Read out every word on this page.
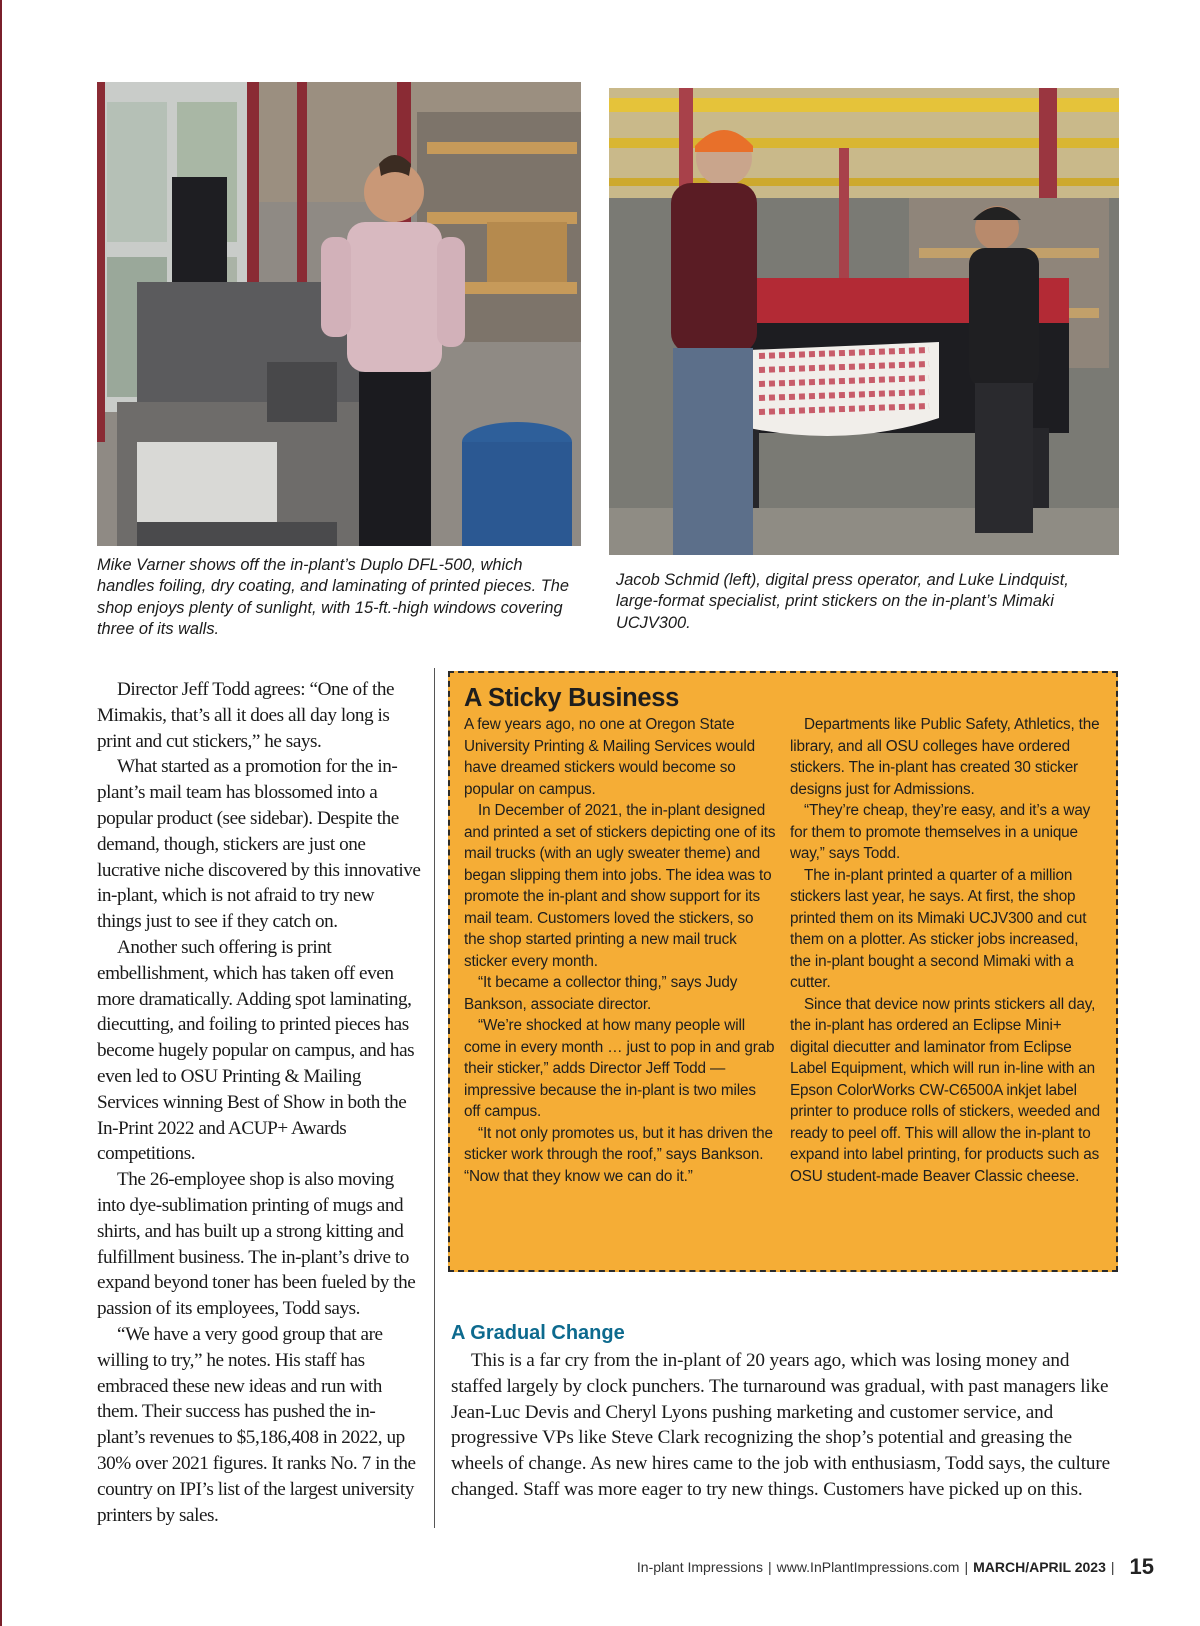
Mike Varner shows off the in-plant’s Duplo DFL-500, which handles foiling, dry coating, and laminating of printed pieces. The shop enjoys plenty of sunlight, with 15-ft.-high windows covering three of its walls.

Jacob Schmid (left), digital press operator, and Luke Lindquist, large-format specialist, print stickers on the in-plant’s Mimaki UCJV300.

Director Jeff Todd agrees: “One of the Mimakis, that’s all it does all day long is print and cut stickers,” he says.

What started as a promotion for the in-plant’s mail team has blossomed into a popular product (see sidebar). Despite the demand, though, stickers are just one lucrative niche discovered by this innovative in-plant, which is not afraid to try new things just to see if they catch on.

Another such offering is print embellishment, which has taken off even more dramatically. Adding spot laminating, diecutting, and foiling to printed pieces has become hugely popular on campus, and has even led to OSU Printing & Mailing Services winning Best of Show in both the In-Print 2022 and ACUP+ Awards competitions.

The 26-employee shop is also moving into dye-sublimation printing of mugs and shirts, and has built up a strong kitting and fulfillment business. The in-plant’s drive to expand beyond toner has been fueled by the passion of its employees, Todd says.

“We have a very good group that are willing to try,” he notes. His staff has embraced these new ideas and run with them. Their success has pushed the in-plant’s revenues to $5,186,408 in 2022, up 30% over 2021 figures. It ranks No. 7 in the country on IPI’s list of the largest university printers by sales.

A Sticky Business

A few years ago, no one at Oregon State University Printing & Mailing Services would have dreamed stickers would become so popular on campus.

In December of 2021, the in-plant designed and printed a set of stickers depicting one of its mail trucks (with an ugly sweater theme) and began slipping them into jobs. The idea was to promote the in-plant and show support for its mail team. Customers loved the stickers, so the shop started printing a new mail truck sticker every month.

“It became a collector thing,” says Judy Bankson, associate director.

“We’re shocked at how many people will come in every month … just to pop in and grab their sticker,” adds Director Jeff Todd — impressive because the in-plant is two miles off campus.

“It not only promotes us, but it has driven the sticker work through the roof,” says Bankson. “Now that they know we can do it.”

Departments like Public Safety, Athletics, the library, and all OSU colleges have ordered stickers. The in-plant has created 30 sticker designs just for Admissions.

“They’re cheap, they’re easy, and it’s a way for them to promote themselves in a unique way,” says Todd.

The in-plant printed a quarter of a million stickers last year, he says. At first, the shop printed them on its Mimaki UCJV300 and cut them on a plotter. As sticker jobs increased, the in-plant bought a second Mimaki with a cutter.

Since that device now prints stickers all day, the in-plant has ordered an Eclipse Mini+ digital diecutter and laminator from Eclipse Label Equipment, which will run in-line with an Epson ColorWorks CW-C6500A inkjet label printer to produce rolls of stickers, weeded and ready to peel off. This will allow the in-plant to expand into label printing, for products such as OSU student-made Beaver Classic cheese.

A Gradual Change

This is a far cry from the in-plant of 20 years ago, which was losing money and staffed largely by clock punchers. The turnaround was gradual, with past managers like Jean-Luc Devis and Cheryl Lyons pushing marketing and customer service, and progressive VPs like Steve Clark recognizing the shop’s potential and greasing the wheels of change. As new hires came to the job with enthusiasm, Todd says, the culture changed. Staff was more eager to try new things. Customers have picked up on this.

In-plant Impressions | www.InPlantImpressions.com | MARCH/APRIL 2023 | 15
